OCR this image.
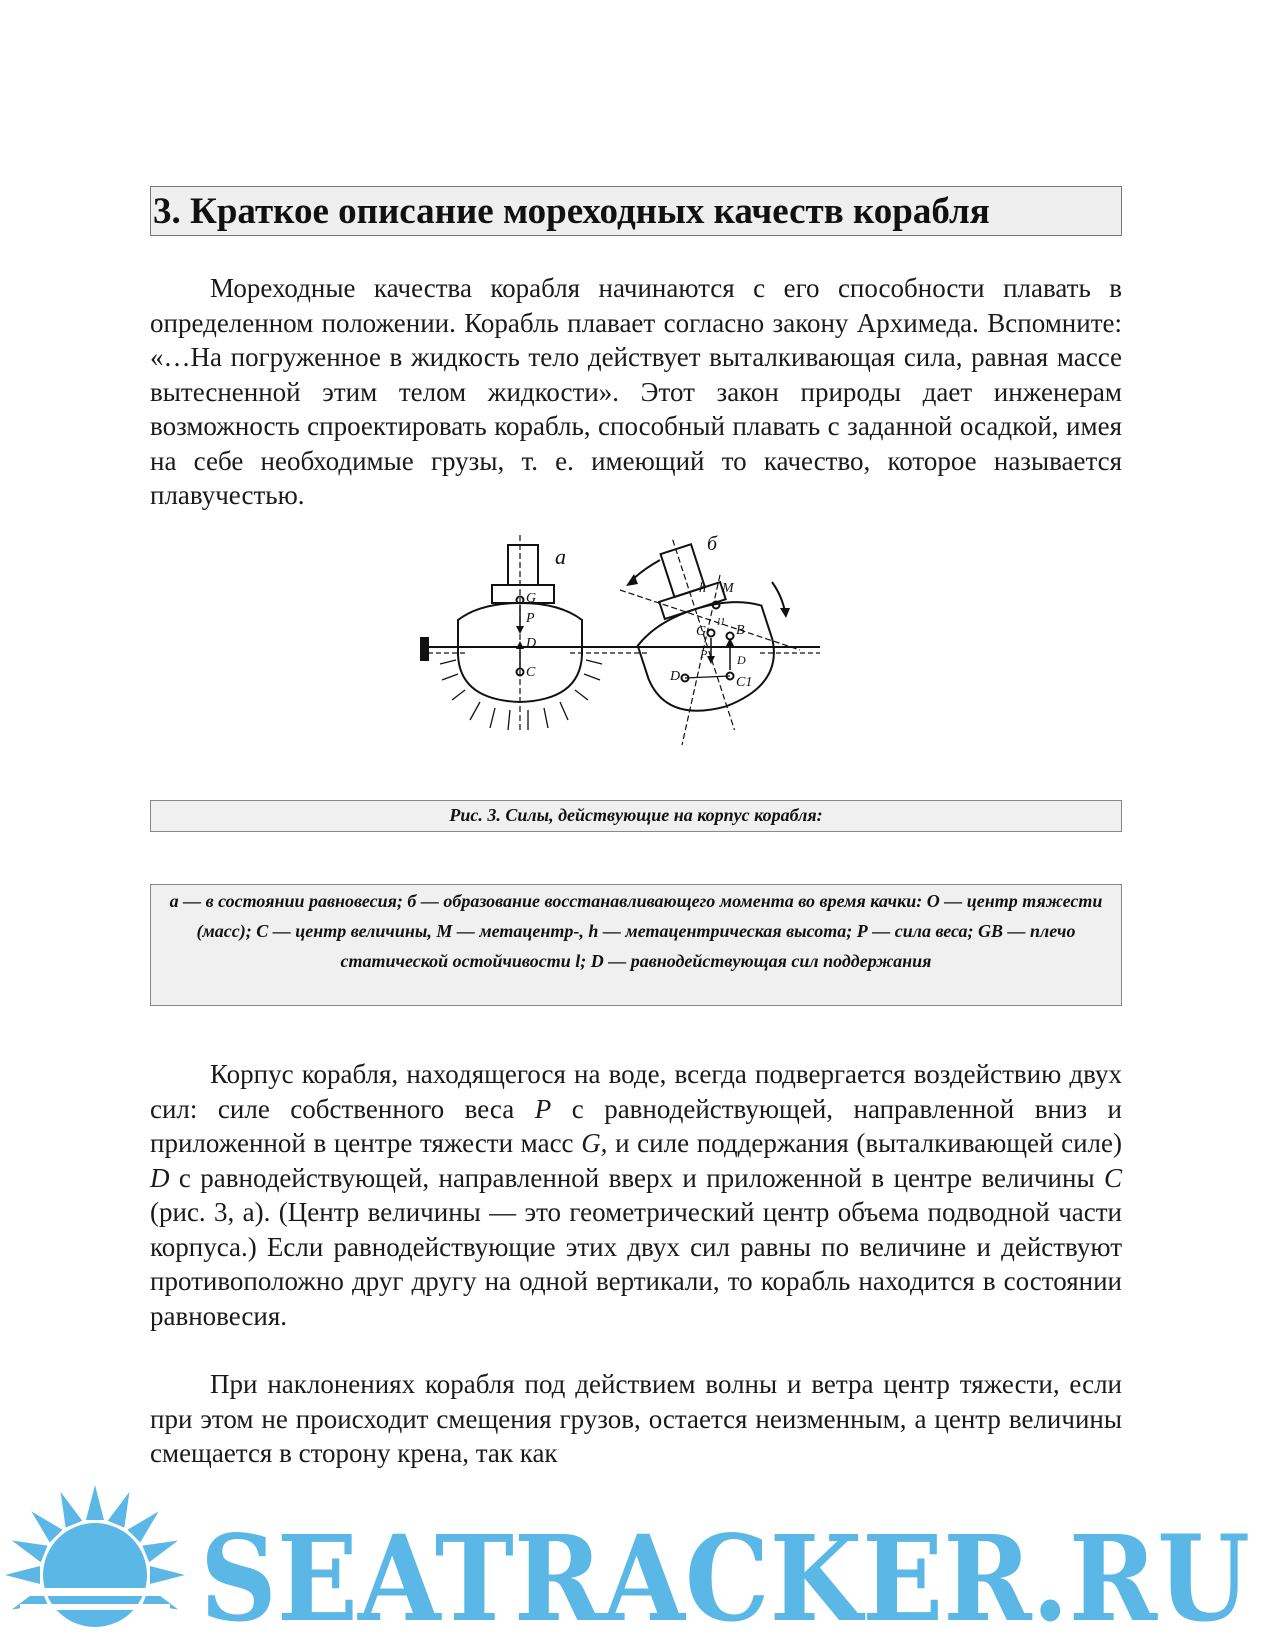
3. Краткое описание мореходных качеств корабля

Мореходные качества корабля начинаются с его способности плавать в определенном положении. Корабль плавает согласно закону Архимеда. Вспомните: «…На погруженное в жидкость тело действует выталкивающая сила, равная массе вытесненной этим телом жидкости». Этот закон природы дает инженерам возможность спроектировать корабль, способный плавать с заданной осадкой, имея на себе необходимые грузы, т. е. имеющий то качество, которое называется плавучестью.

а	б
G
P
D
C
h M
G
l1
B
P D
D	C1
Рис. 3. Силы, действующие на корпус корабля:
а — в состоянии равновесия; б — образование восстанавливающего момента во время качки: О — центр тяжести (масс); С — центр величины, М — метацентр-, h — метацентрическая высота; Р — сила веса; GB — плечо статической остойчивости l; D — равнодействующая сил поддержания

Корпус корабля, находящегося на воде, всегда подвергается воздействию двух сил: силе собственного веса P с равнодействующей, направленной вниз и приложенной в центре тяжести масс G, и силе поддержания (выталкивающей силе) D с равнодействующей, направленной вверх и приложенной в центре величины C (рис. 3, а). (Центр величины — это геометрический центр объема подводной части корпуса.) Если равнодействующие этих двух сил равны по величине и действуют противоположно друг другу на одной вертикали, то корабль находится в состоянии равновесия.

При наклонениях корабля под действием волны и ветра центр тяжести, если при этом не происходит смещения грузов, остается неизменным, а центр величины смещается в сторону крена, так как

SEATRACKER.RU
